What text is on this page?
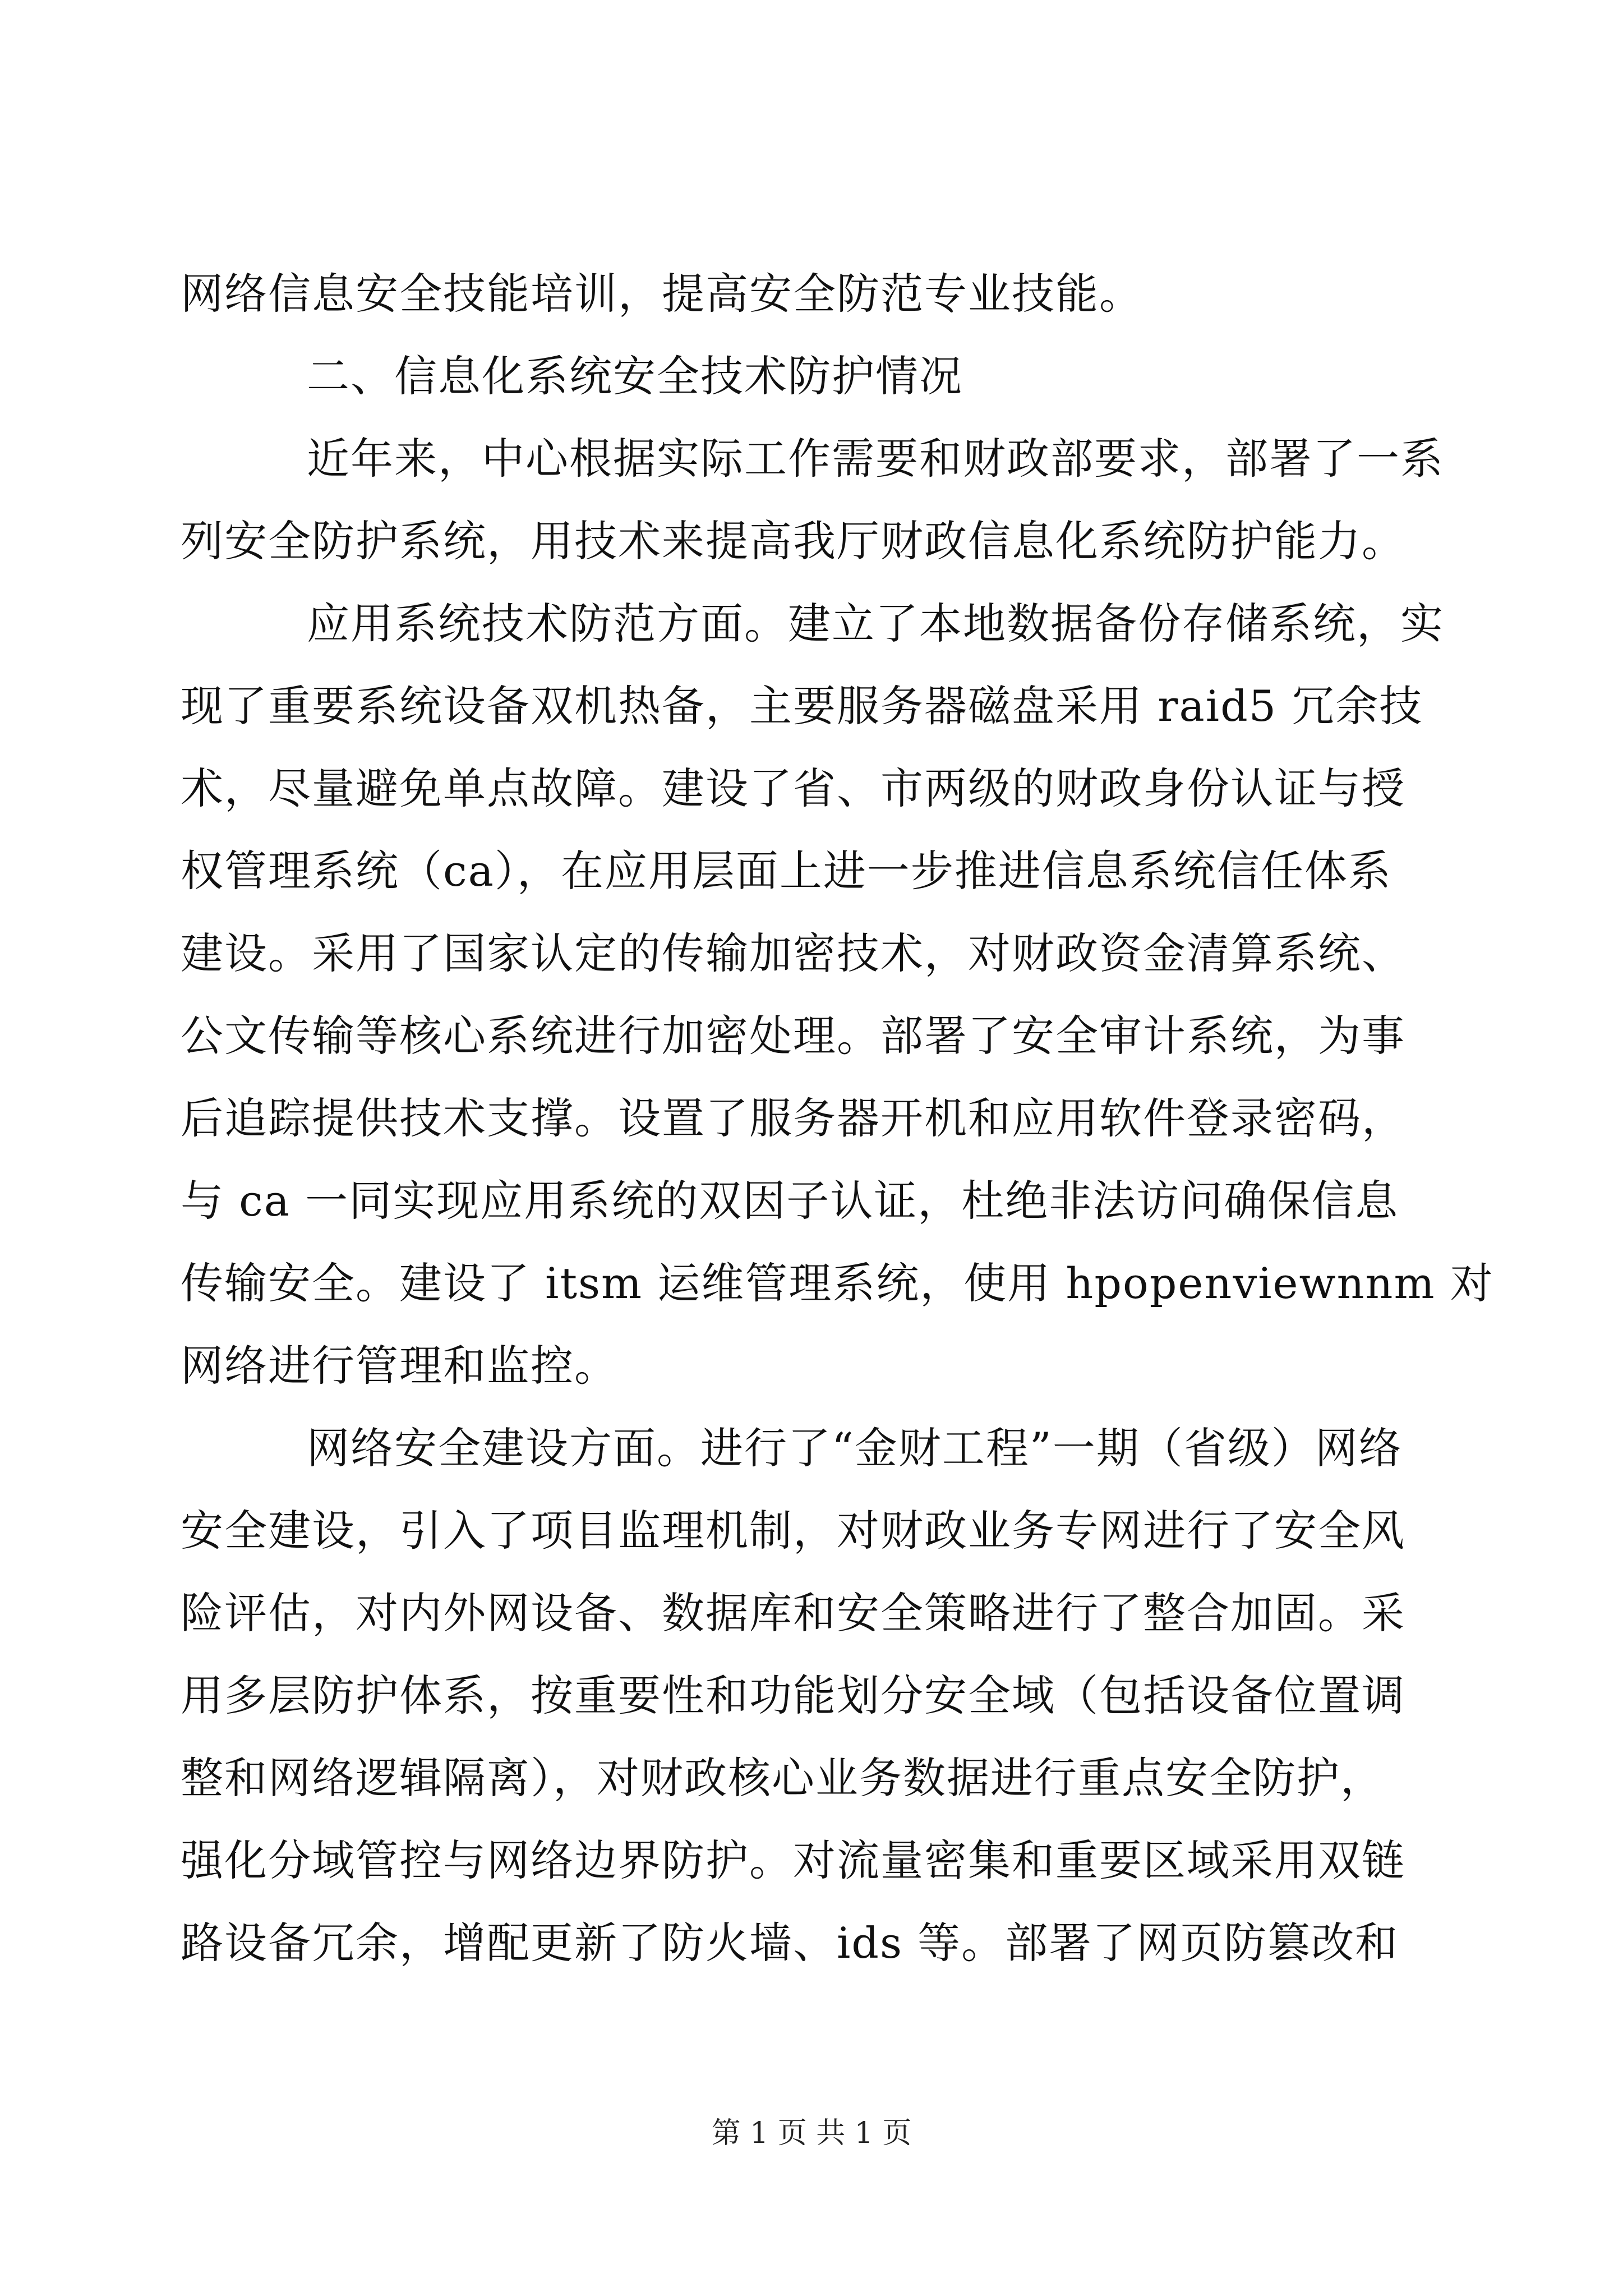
网络信息安全技能培训，提高安全防范专业技能。
二、信息化系统安全技术防护情况
近年来，中心根据实际工作需要和财政部要求，部署了一系
列安全防护系统，用技术来提高我厅财政信息化系统防护能力。
应用系统技术防范方面。建立了本地数据备份存储系统，实
现了重要系统设备双机热备，主要服务器磁盘采用 raid5 冗余技
术，尽量避免单点故障。建设了省、市两级的财政身份认证与授
权管理系统（ca），在应用层面上进一步推进信息系统信任体系
建设。采用了国家认定的传输加密技术，对财政资金清算系统、
公文传输等核心系统进行加密处理。部署了安全审计系统，为事
后追踪提供技术支撑。设置了服务器开机和应用软件登录密码，
与 ca 一同实现应用系统的双因子认证，杜绝非法访问确保信息
传输安全。建设了 itsm 运维管理系统，使用 hpopenviewnnm 对
网络进行管理和监控。
网络安全建设方面。进行了“金财工程”一期（省级）网络
安全建设，引入了项目监理机制，对财政业务专网进行了安全风
险评估，对内外网设备、数据库和安全策略进行了整合加固。采
用多层防护体系，按重要性和功能划分安全域（包括设备位置调
整和网络逻辑隔离），对财政核心业务数据进行重点安全防护，
强化分域管控与网络边界防护。对流量密集和重要区域采用双链
路设备冗余，增配更新了防火墙、ids 等。部署了网页防篡改和
第 1 页 共 1 页
